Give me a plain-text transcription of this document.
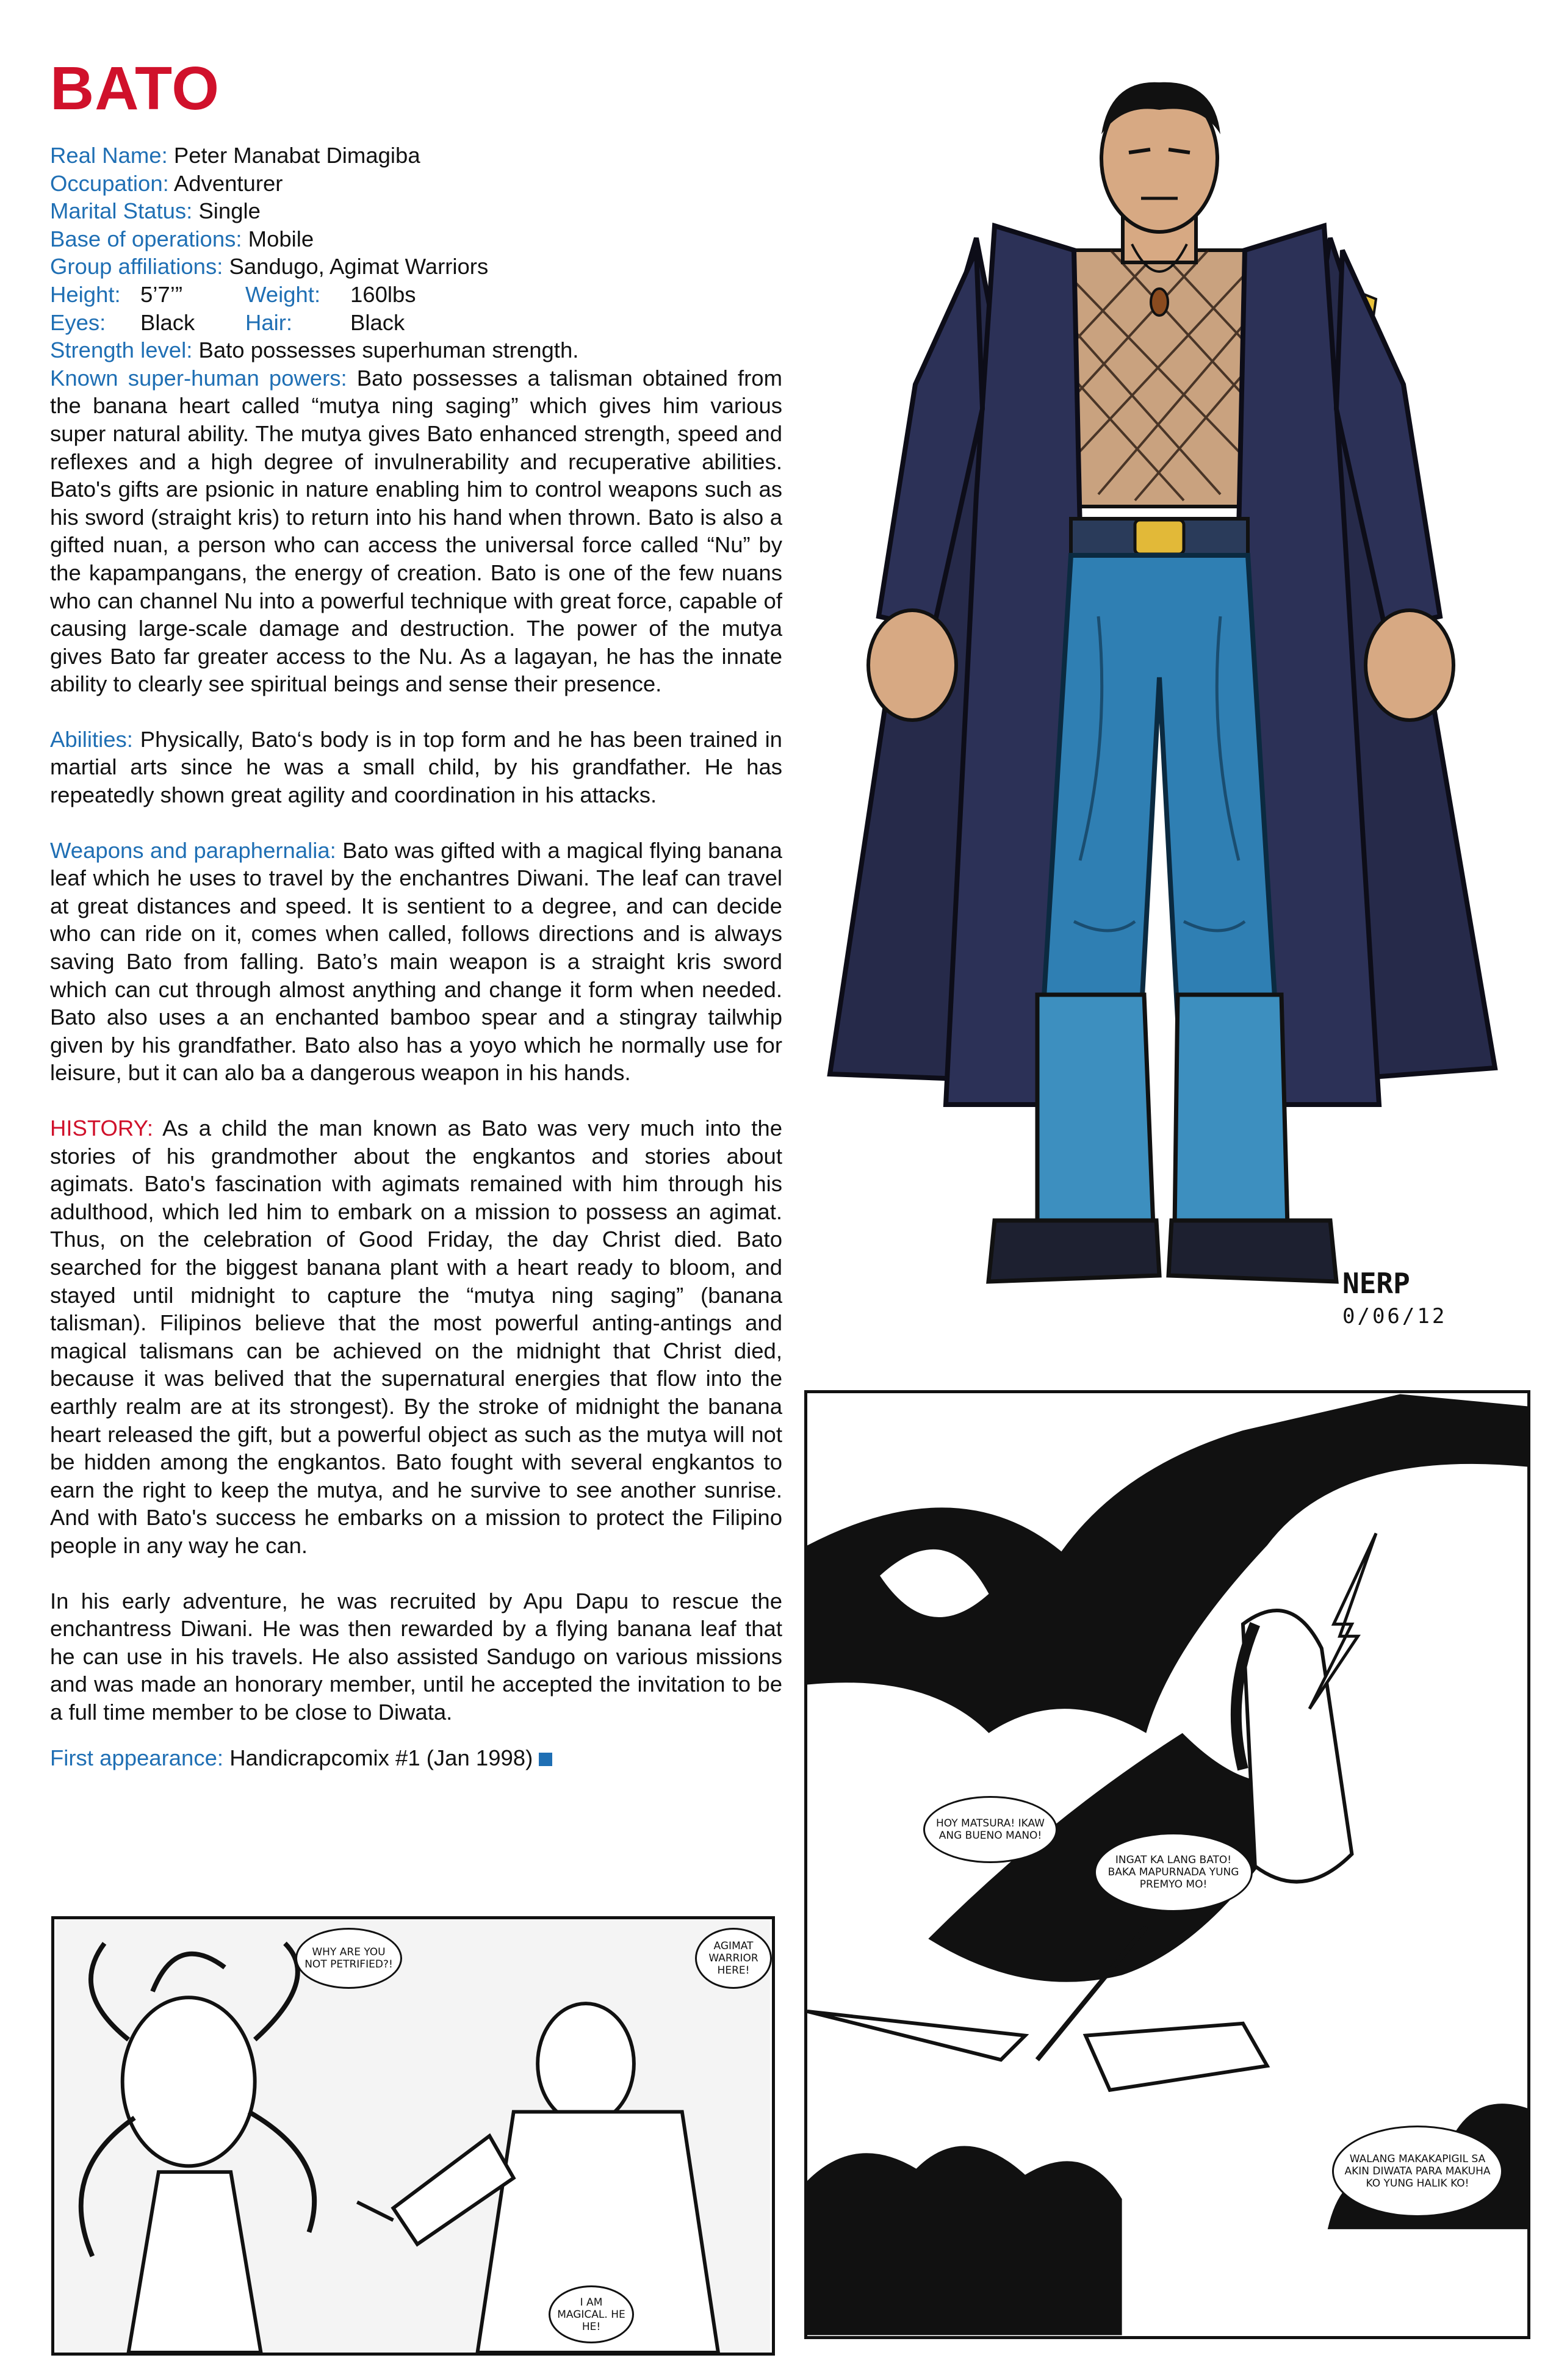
BATO

Real Name: Peter Manabat Dimagiba

Occupation: Adventurer

Marital Status: Single

Base of operations: Mobile

Group affiliations: Sandugo, Agimat Warriors

Height: 5’7’”	Weight: 160lbs

Eyes: Black Hair:	Black

Strength level: Bato possesses superhuman strength.

Known super-human powers: Bato possesses a talisman obtained from the banana heart called “mutya ning saging” which gives him various super natural ability. The mutya gives Bato enhanced strength, speed and reflexes and a high degree of invulnerability and recuperative abilities. Bato's gifts are psionic in nature enabling him to control weapons such as his sword (straight kris) to return into his hand when thrown. Bato is also a gifted nuan, a person who can access the universal force called “Nu” by the kapampangans, the energy of creation. Bato is one of the few nuans who can channel Nu into a powerful technique with great force, capable of causing large-scale damage and destruction. The power of the mutya gives Bato far greater access to the Nu. As a lagayan, he has the innate ability to clearly see spiritual beings and sense their presence.

Abilities: Physically, Bato‘s body is in top form and he has been trained in martial arts since he was a small child, by his grandfather. He has repeatedly shown great agility and coordination in his attacks.

Weapons and paraphernalia: Bato was gifted with a magical flying banana leaf which he uses to travel by the enchantres Diwani. The leaf can travel at great distances and speed. It is sentient to a degree, and can decide who can ride on it, comes when called, follows directions and is always saving Bato from falling. Bato’s main weapon is a straight kris sword which can cut through almost anything and change it form when needed. Bato also uses a an enchanted bamboo spear and a stingray tailwhip given by his grandfather. Bato also has a yoyo which he normally use for leisure, but it can alo ba a dangerous weapon in his hands.

HISTORY: As a child the man known as Bato was very much into the stories of his grandmother about the engkantos and stories about agimats. Bato's fascination with agimats remained with him through his adulthood, which led him to embark on a mission to possess an agimat. Thus, on the celebration of Good Friday, the day Christ died. Bato searched for the biggest banana plant with a heart ready to bloom, and stayed until midnight to capture the “mutya ning saging” (banana talisman). Filipinos believe that the most powerful anting-antings and magical talismans can be achieved on the midnight that Christ died, because it was belived that the supernatural energies that flow into the earthly realm are at its strongest). By the stroke of midnight the banana heart released the gift, but a powerful object as such as the mutya will not be hidden among the engkantos. Bato fought with several engkantos to earn the right to keep the mutya, and he survive to see another sunrise. And with Bato's success he embarks on a mission to protect the Filipino people in any way he can.

In his early adventure, he was recruited by Apu Dapu to rescue the enchantress Diwani. He was then rewarded by a flying banana leaf that he can use in his travels. He also assisted Sandugo on various missions and was made an honorary member, until he accepted the invitation to be a full time member to be close to Diwata.

First appearance: Handicrapcomix #1 (Jan 1998)

NERP
0/06/12
HOY MATSURA! IKAW ANG BUENO MANO!
INGAT KA LANG BATO! BAKA MAPURNADA YUNG PREMYO MO!
WALANG MAKAKAPIGIL SA AKIN DIWATA PARA MAKUHA KO YUNG HALIK KO!
WHY ARE YOU NOT PETRIFIED?!
AGIMAT WARRIOR HERE!
I AM MAGICAL. HE HE!
